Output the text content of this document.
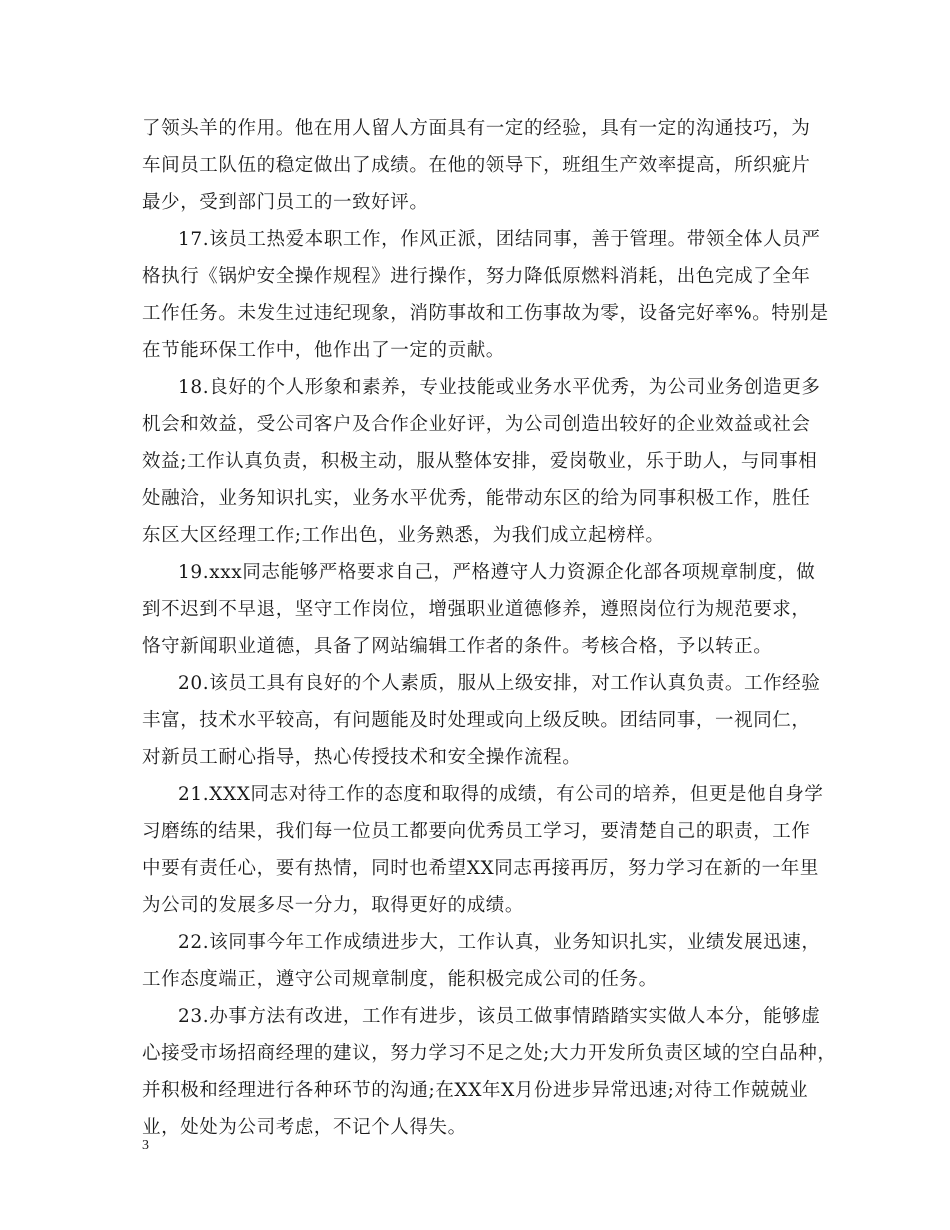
了领头羊的作用。他在用人留人方面具有一定的经验，具有一定的沟通技巧，为
车间员工队伍的稳定做出了成绩。在他的领导下，班组生产效率提高，所织疵片
最少，受到部门员工的一致好评。
17.该员工热爱本职工作，作风正派，团结同事，善于管理。带领全体人员严
格执行《锅炉安全操作规程》进行操作，努力降低原燃料消耗，出色完成了全年
工作任务。未发生过违纪现象，消防事故和工伤事故为零，设备完好率%。特别是
在节能环保工作中，他作出了一定的贡献。
18.良好的个人形象和素养，专业技能或业务水平优秀，为公司业务创造更多
机会和效益，受公司客户及合作企业好评，为公司创造出较好的企业效益或社会
效益;工作认真负责，积极主动，服从整体安排，爱岗敬业，乐于助人，与同事相
处融洽，业务知识扎实，业务水平优秀，能带动东区的给为同事积极工作，胜任
东区大区经理工作;工作出色，业务熟悉，为我们成立起榜样。
19.xxx同志能够严格要求自己，严格遵守人力资源企化部各项规章制度，做
到不迟到不早退，坚守工作岗位，增强职业道德修养，遵照岗位行为规范要求，
恪守新闻职业道德，具备了网站编辑工作者的条件。考核合格，予以转正。
20.该员工具有良好的个人素质，服从上级安排，对工作认真负责。工作经验
丰富，技术水平较高，有问题能及时处理或向上级反映。团结同事，一视同仁，
对新员工耐心指导，热心传授技术和安全操作流程。
21.XXX同志对待工作的态度和取得的成绩，有公司的培养，但更是他自身学
习磨练的结果，我们每一位员工都要向优秀员工学习，要清楚自己的职责，工作
中要有责任心，要有热情，同时也希望XX同志再接再厉，努力学习在新的一年里
为公司的发展多尽一分力，取得更好的成绩。
22.该同事今年工作成绩进步大，工作认真，业务知识扎实，业绩发展迅速，
工作态度端正，遵守公司规章制度，能积极完成公司的任务。
23.办事方法有改进，工作有进步，该员工做事情踏踏实实做人本分，能够虚
心接受市场招商经理的建议，努力学习不足之处;大力开发所负责区域的空白品种，
并积极和经理进行各种环节的沟通;在XX年X月份进步异常迅速;对待工作兢兢业
业，处处为公司考虑，不记个人得失。
3
